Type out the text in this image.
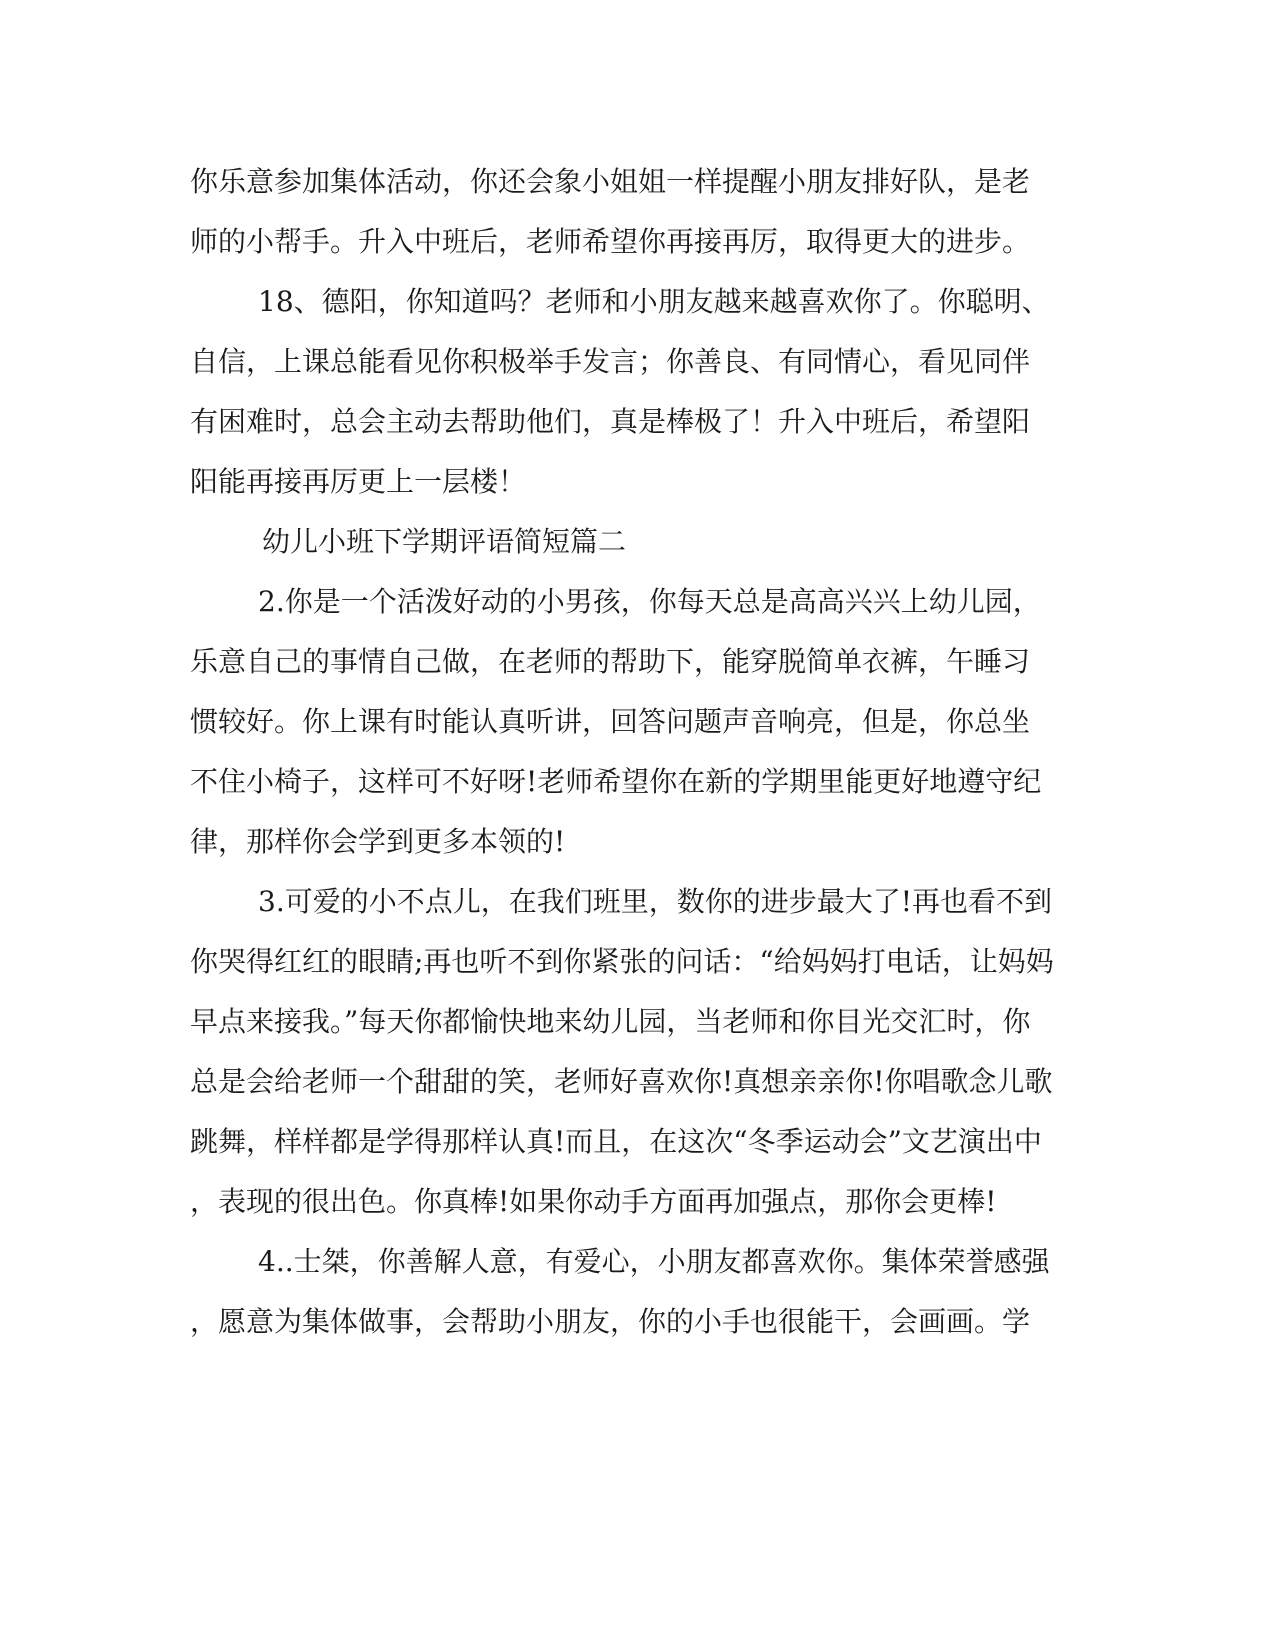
你乐意参加集体活动，你还会象小姐姐一样提醒小朋友排好队，是老
师的小帮手。升入中班后，老师希望你再接再厉，取得更大的进步。
18、德阳，你知道吗？老师和小朋友越来越喜欢你了。你聪明、
自信，上课总能看见你积极举手发言；你善良、有同情心，看见同伴
有困难时，总会主动去帮助他们，真是棒极了！升入中班后，希望阳
阳能再接再厉更上一层楼！
幼儿小班下学期评语简短篇二
2.你是一个活泼好动的小男孩，你每天总是高高兴兴上幼儿园，
乐意自己的事情自己做，在老师的帮助下，能穿脱简单衣裤，午睡习
惯较好。你上课有时能认真听讲，回答问题声音响亮，但是，你总坐
不住小椅子，这样可不好呀!老师希望你在新的学期里能更好地遵守纪
律，那样你会学到更多本领的!
3.可爱的小不点儿，在我们班里，数你的进步最大了!再也看不到
你哭得红红的眼睛;再也听不到你紧张的问话：“给妈妈打电话，让妈妈
早点来接我。”每天你都愉快地来幼儿园，当老师和你目光交汇时，你
总是会给老师一个甜甜的笑，老师好喜欢你!真想亲亲你!你唱歌念儿歌
跳舞，样样都是学得那样认真!而且，在这次“冬季运动会”文艺演出中
，表现的很出色。你真棒!如果你动手方面再加强点，那你会更棒!
4..士桀，你善解人意，有爱心，小朋友都喜欢你。集体荣誉感强
，愿意为集体做事，会帮助小朋友，你的小手也很能干，会画画。学
